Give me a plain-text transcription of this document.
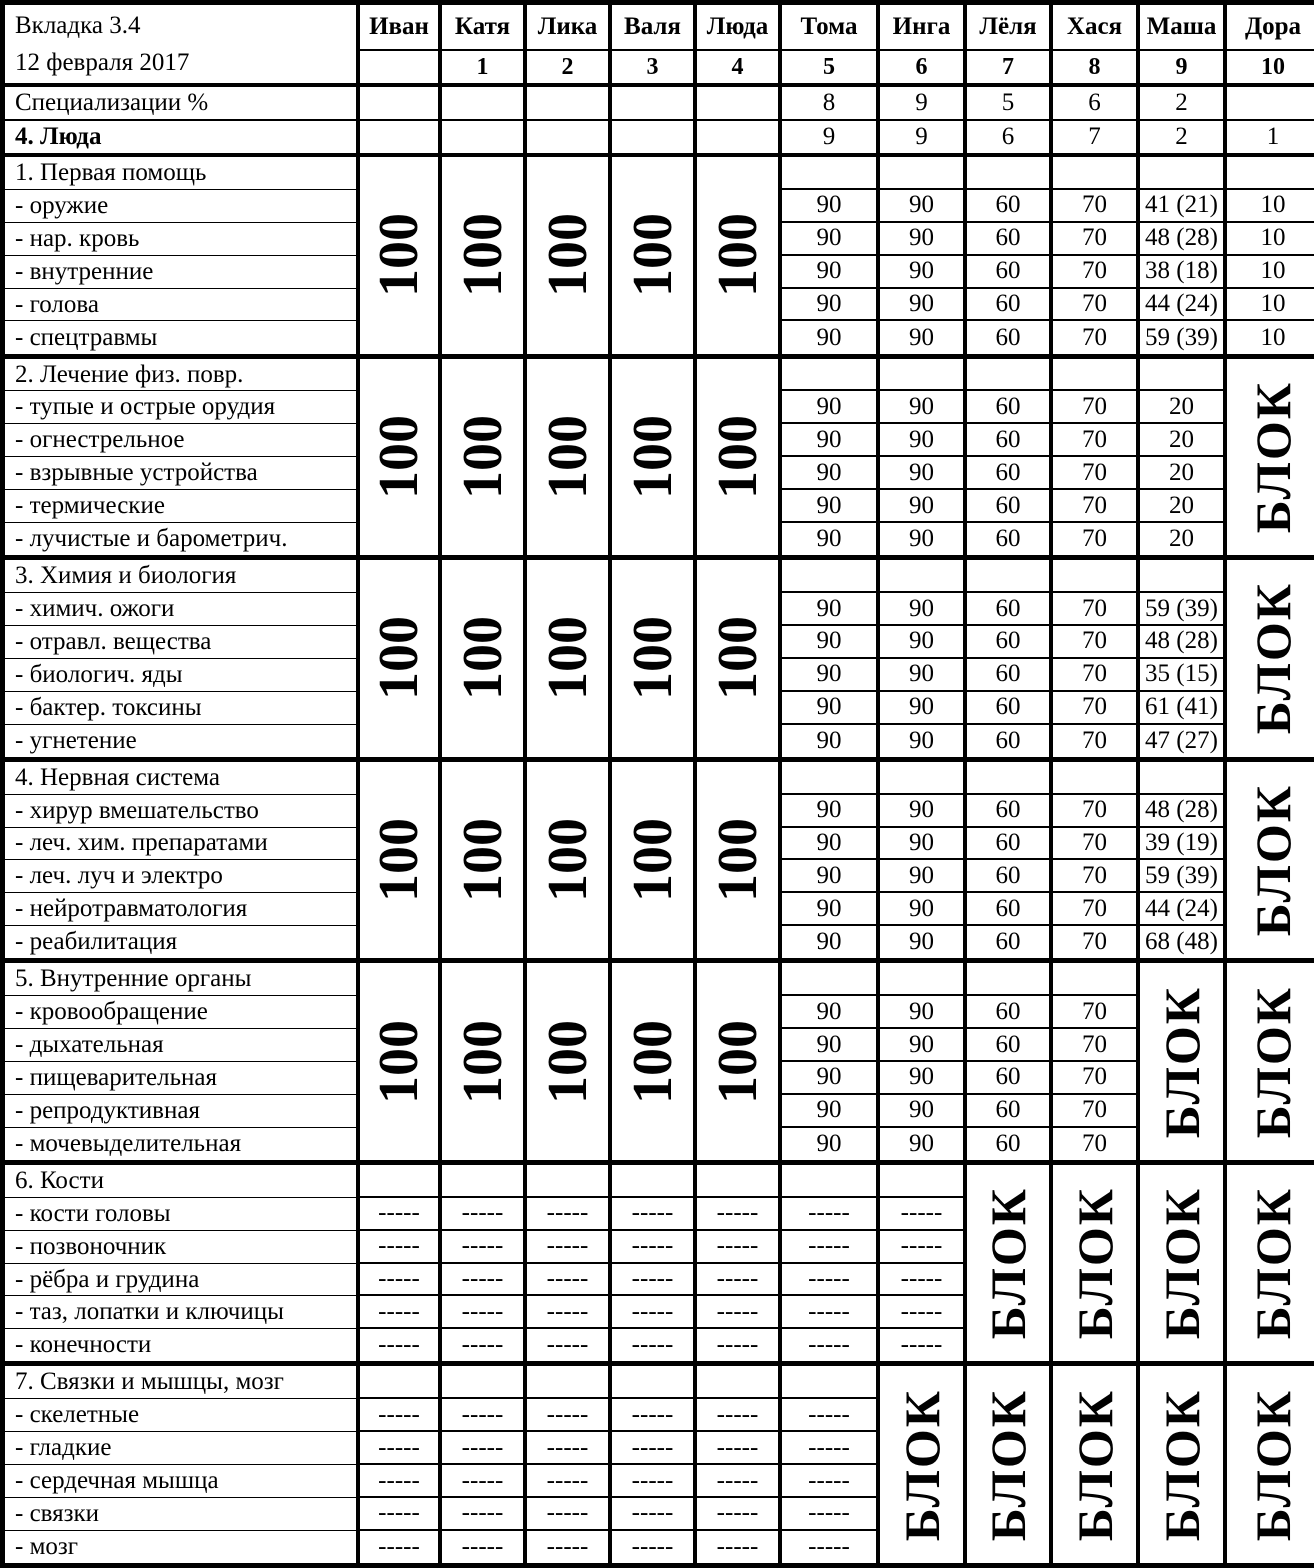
Вкладка 3.4
12 февраля 2017	Иван	Катя	Лика	Валя	Люда	Тома	Инга	Лёля	Хася	Маша	Дора
		1	2	3	4	5	6	7	8	9	10
Специализации %						8	9	5	6	2	
4. Люда						9	9	6	7	2	1
1. Первая помощь	100	100	100	100	100						

- оружие						90	90	60	70	41 (21)	10
- нар. кровь						90	90	60	70	48 (28)	10
- внутренние						90	90	60	70	38 (18)	10
- голова						90	90	60	70	44 (24)	10
- спецтравмы						90	90	60	70	59 (39)	10
2. Лечение физ. повр.	100	100	100	100	100						БЛОК

- тупые и острые орудия						90	90	60	70	20	
- огнестрельное						90	90	60	70	20	
- взрывные устройства						90	90	60	70	20	
- термические						90	90	60	70	20	
- лучистые и барометрич.						90	90	60	70	20	
3. Химия и биология	100	100	100	100	100						БЛОК

- химич. ожоги						90	90	60	70	59 (39)	
- отравл. вещества						90	90	60	70	48 (28)	
- биологич. яды						90	90	60	70	35 (15)	
- бактер. токсины						90	90	60	70	61 (41)	
- угнетение						90	90	60	70	47 (27)	
4. Нервная система	100	100	100	100	100						БЛОК

- хирур вмешательство						90	90	60	70	48 (28)	
- леч. хим. препаратами						90	90	60	70	39 (19)	
- леч. луч и электро						90	90	60	70	59 (39)	
- нейротравматология						90	90	60	70	44 (24)	
- реабилитация						90	90	60	70	68 (48)	
5. Внутренние органы	100	100	100	100	100					БЛОК	БЛОК

- кровообращение						90	90	60	70		
- дыхательная						90	90	60	70		
- пищеварительная						90	90	60	70		
- репродуктивная						90	90	60	70		
- мочевыделительная						90	90	60	70		
6. Кости								БЛОК	БЛОК	БЛОК	БЛОК

- кости головы	-----	-----	-----	-----	-----	-----	-----				
- позвоночник	-----	-----	-----	-----	-----	-----	-----				
- рёбра и грудина	-----	-----	-----	-----	-----	-----	-----				
- таз, лопатки и ключицы	-----	-----	-----	-----	-----	-----	-----				
- конечности	-----	-----	-----	-----	-----	-----	-----				
7. Связки и мышцы, мозг							БЛОК	БЛОК	БЛОК	БЛОК	БЛОК

- скелетные	-----	-----	-----	-----	-----	-----					
- гладкие	-----	-----	-----	-----	-----	-----					
- сердечная мышца	-----	-----	-----	-----	-----	-----					
- связки	-----	-----	-----	-----	-----	-----					
- мозг	-----	-----	-----	-----	-----	-----					
